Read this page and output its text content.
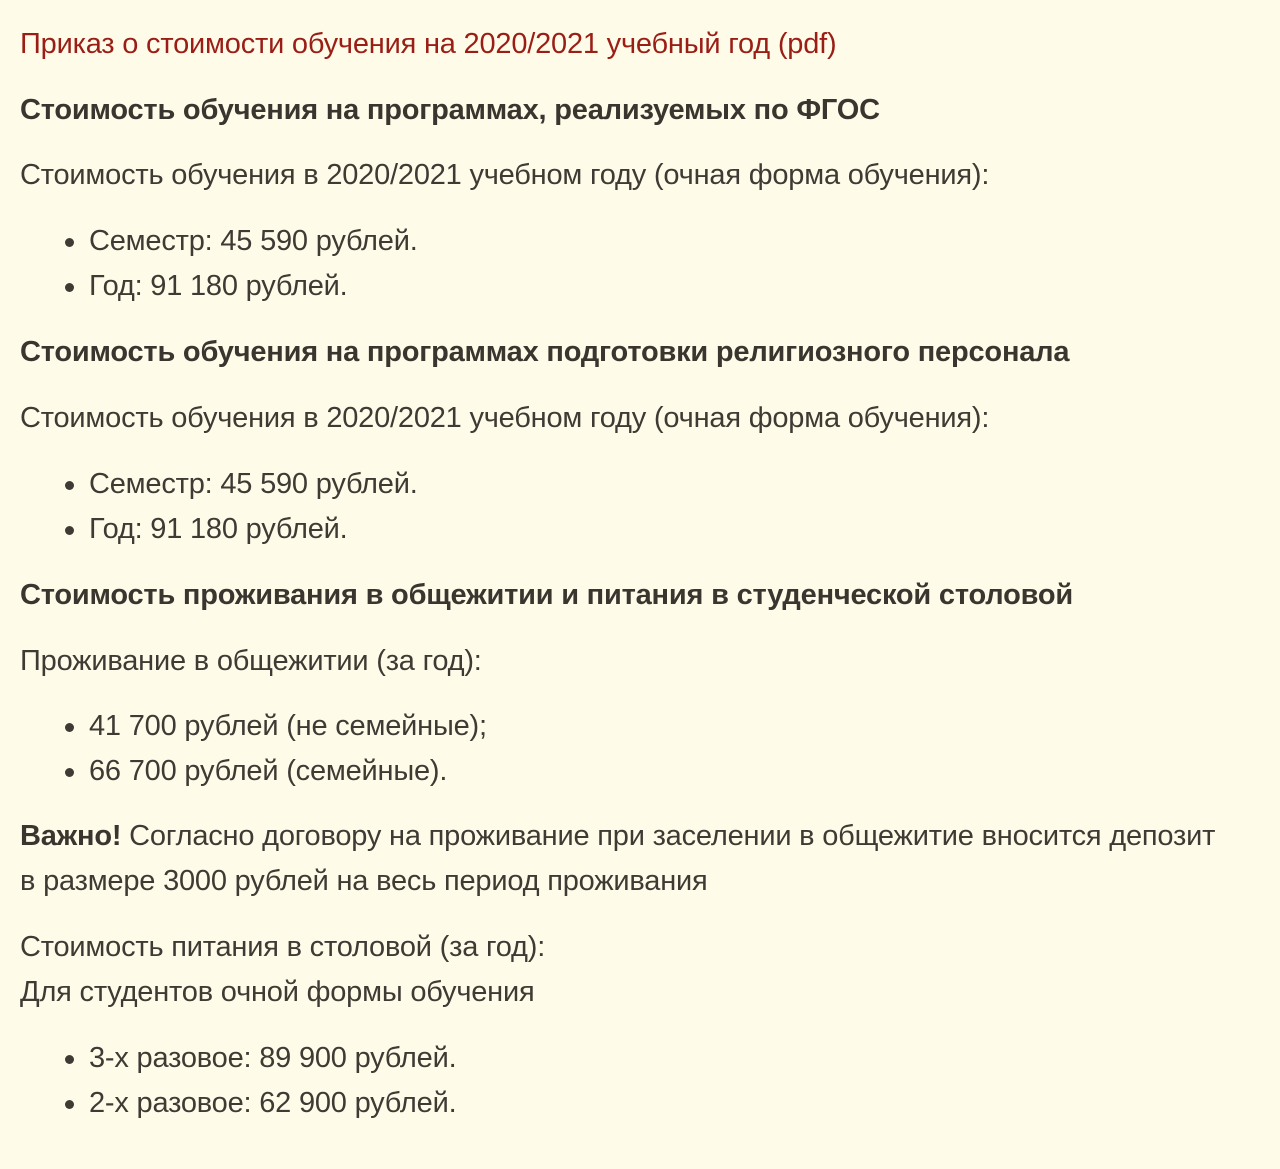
Приказ о стоимости обучения на 2020/2021 учебный год (pdf)
Стоимость обучения на программах, реализуемых по ФГОС
Стоимость обучения в 2020/2021 учебном году (очная форма обучения):
Семестр: 45 590 рублей.
Год: 91 180 рублей.
Стоимость обучения на программах подготовки религиозного персонала
Стоимость обучения в 2020/2021 учебном году (очная форма обучения):
Семестр: 45 590 рублей.
Год: 91 180 рублей.
Стоимость проживания в общежитии и питания в студенческой столовой
Проживание в общежитии (за год):
41 700 рублей (не семейные);
66 700 рублей (семейные).
Важно! Согласно договору на проживание при заселении в общежитие вносится депозит в размере 3000 рублей на весь период проживания
Стоимость питания в столовой (за год):
Для студентов очной формы обучения
3-х разовое: 89 900 рублей.
2-х разовое: 62 900 рублей.
